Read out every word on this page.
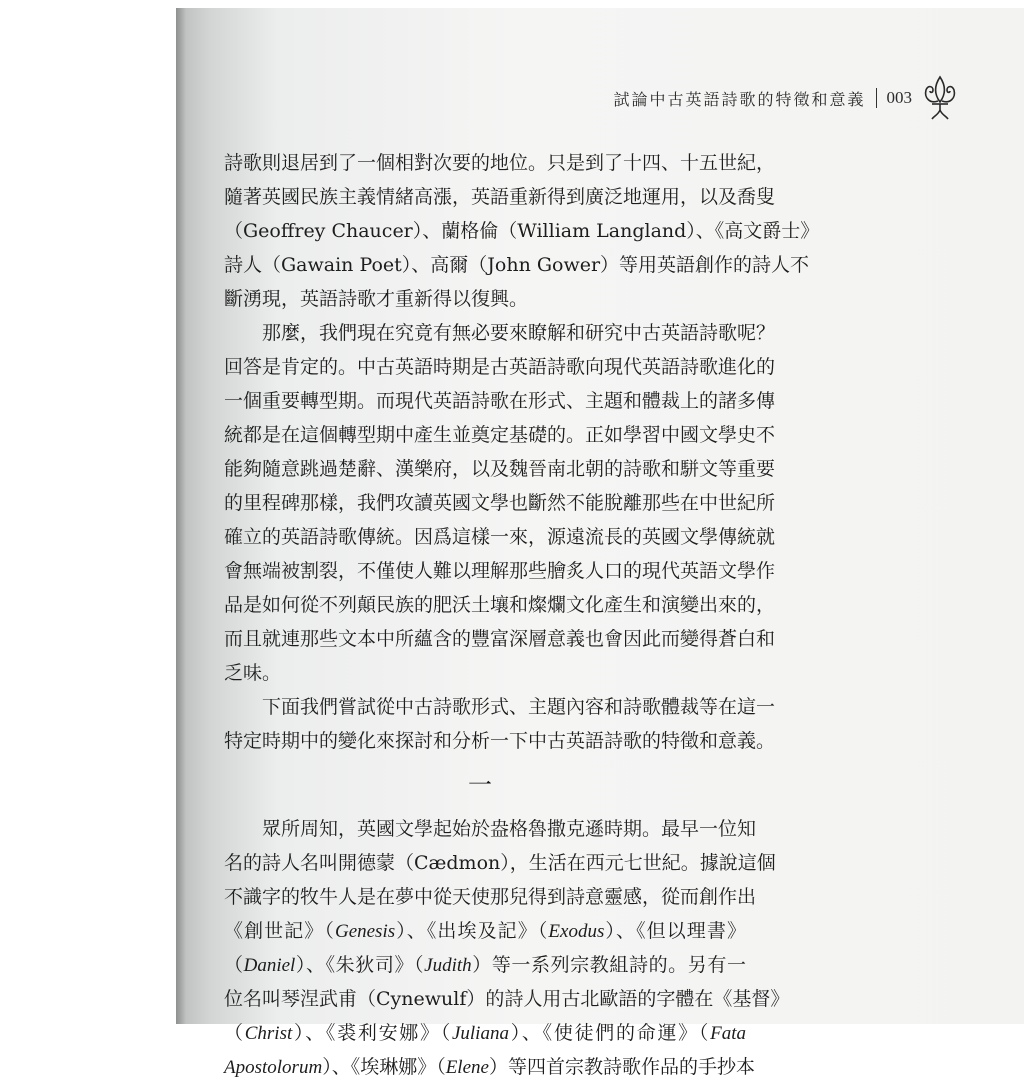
試論中古英語詩歌的特徵和意義 003
詩歌則退居到了一個相對次要的地位。只是到了十四、十五世紀，
隨著英國民族主義情緒高漲，英語重新得到廣泛地運用，以及喬叟
（Geoffrey Chaucer）、蘭格倫（William Langland）、《高文爵士》
詩人（Gawain Poet）、高爾（John Gower）等用英語創作的詩人不
斷湧現，英語詩歌才重新得以復興。
　　那麼，我們現在究竟有無必要來瞭解和研究中古英語詩歌呢？
回答是肯定的。中古英語時期是古英語詩歌向現代英語詩歌進化的
一個重要轉型期。而現代英語詩歌在形式、主題和體裁上的諸多傳
統都是在這個轉型期中產生並奠定基礎的。正如學習中國文學史不
能夠隨意跳過楚辭、漢樂府，以及魏晉南北朝的詩歌和駢文等重要
的里程碑那樣，我們攻讀英國文學也斷然不能脫離那些在中世紀所
確立的英語詩歌傳統。因爲這樣一來，源遠流長的英國文學傳統就
會無端被割裂，不僅使人難以理解那些膾炙人口的現代英語文學作
品是如何從不列顛民族的肥沃土壤和燦爛文化產生和演變出來的，
而且就連那些文本中所蘊含的豐富深層意義也會因此而變得蒼白和
乏味。
　　下面我們嘗試從中古詩歌形式、主題內容和詩歌體裁等在這一
特定時期中的變化來探討和分析一下中古英語詩歌的特徵和意義。
一
　　眾所周知，英國文學起始於盎格魯撒克遜時期。最早一位知
名的詩人名叫開德蒙（Cædmon），生活在西元七世紀。據說這個
不識字的牧牛人是在夢中從天使那兒得到詩意靈感，從而創作出
《創世記》（Genesis）、《出埃及記》（Exodus）、《但以理書》
（Daniel）、《朱狄司》（Judith）等一系列宗教組詩的。另有一
位名叫琴涅武甫（Cynewulf）的詩人用古北歐語的字體在《基督》
（Christ）、《裘利安娜》（Juliana）、《使徒們的命運》（Fata
Apostolorum）、《埃琳娜》（Elene）等四首宗教詩歌作品的手抄本
